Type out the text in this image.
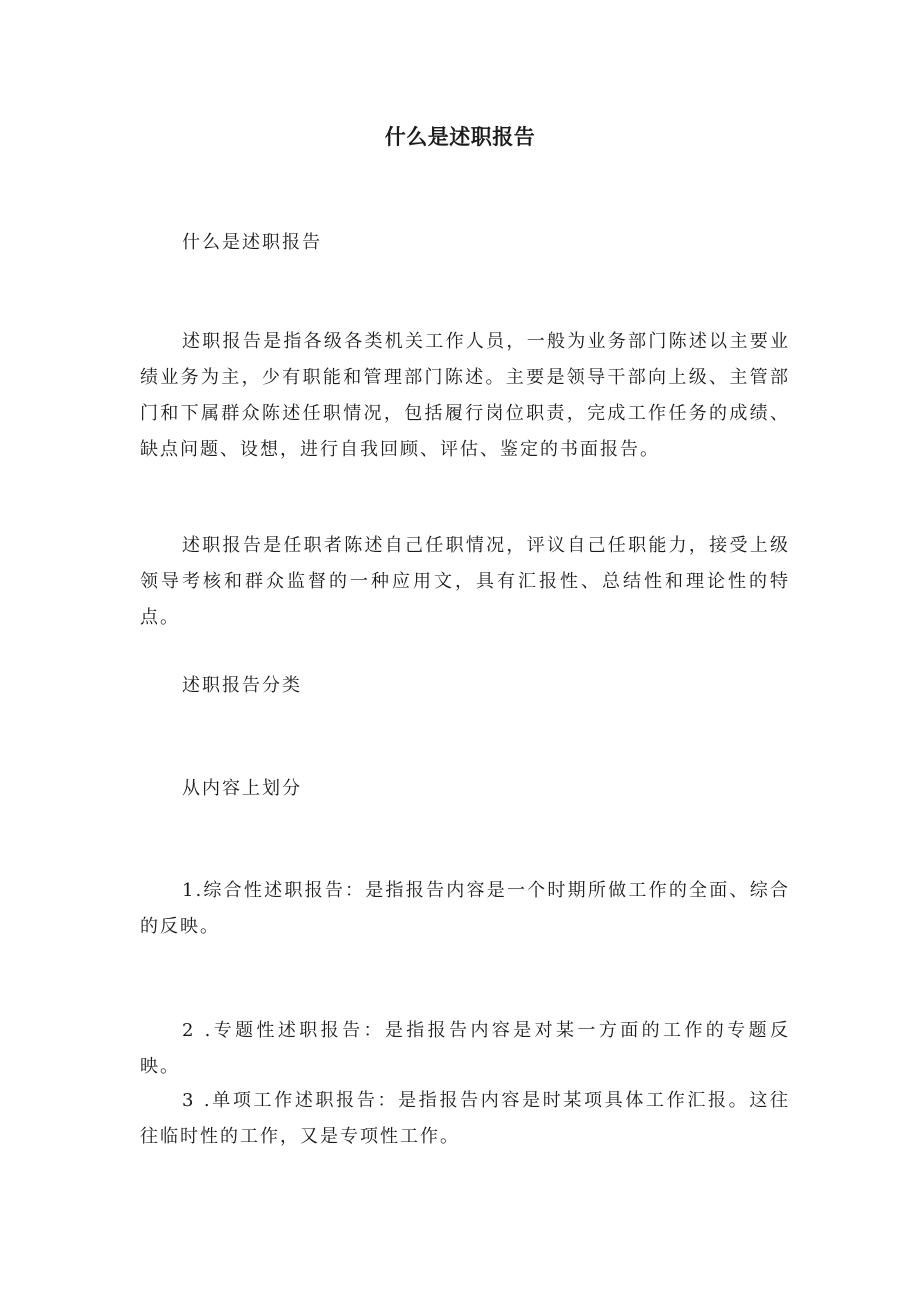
什么是述职报告
什么是述职报告

述职报告是指各级各类机关工作人员，一般为业务部门陈述以主要业绩业务为主，少有职能和管理部门陈述。主要是领导干部向上级、主管部门和下属群众陈述任职情况，包括履行岗位职责，完成工作任务的成绩、缺点问题、设想，进行自我回顾、评估、鉴定的书面报告。

述职报告是任职者陈述自己任职情况，评议自己任职能力，接受上级领导考核和群众监督的一种应用文，具有汇报性、总结性和理论性的特点。

述职报告分类
从内容上划分

1.综合性述职报告：是指报告内容是一个时期所做工作的全面、综合的反映。

2 .专题性述职报告：是指报告内容是对某一方面的工作的专题反映。

3 .单项工作述职报告：是指报告内容是时某项具体工作汇报。这往往临时性的工作，又是专项性工作。
